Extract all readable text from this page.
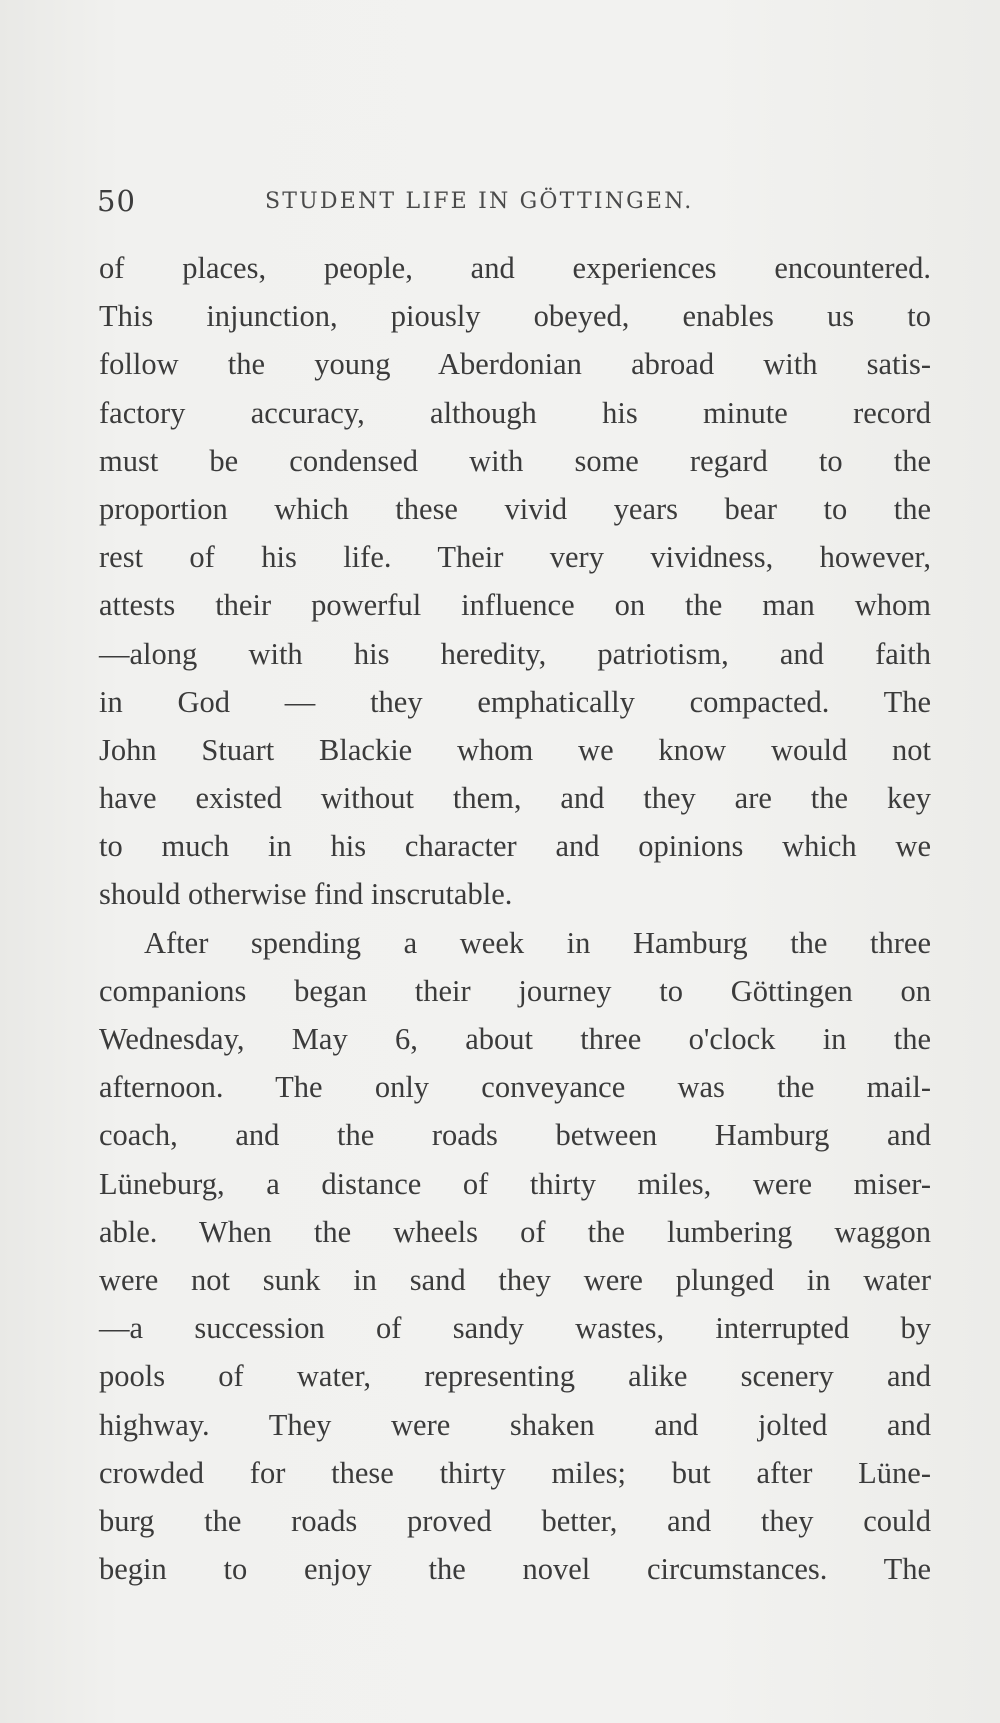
50	STUDENT LIFE IN GÖTTINGEN.
of places, people, and experiences encountered.
This injunction, piously obeyed, enables us to
follow the young Aberdonian abroad with satis-
factory accuracy, although his minute record
must be condensed with some regard to the
proportion which these vivid years bear to the
rest of his life. Their very vividness, however,
attests their powerful influence on the man whom
—along with his heredity, patriotism, and faith
in God — they emphatically compacted. The
John Stuart Blackie whom we know would not
have existed without them, and they are the key
to much in his character and opinions which we
should otherwise find inscrutable.
After spending a week in Hamburg the three
companions began their journey to Göttingen on
Wednesday, May 6, about three o'clock in the
afternoon. The only conveyance was the mail-
coach, and the roads between Hamburg and
Lüneburg, a distance of thirty miles, were miser-
able. When the wheels of the lumbering waggon
were not sunk in sand they were plunged in water
—a succession of sandy wastes, interrupted by
pools of water, representing alike scenery and
highway. They were shaken and jolted and
crowded for these thirty miles; but after Lüne-
burg the roads proved better, and they could
begin to enjoy the novel circumstances. The
